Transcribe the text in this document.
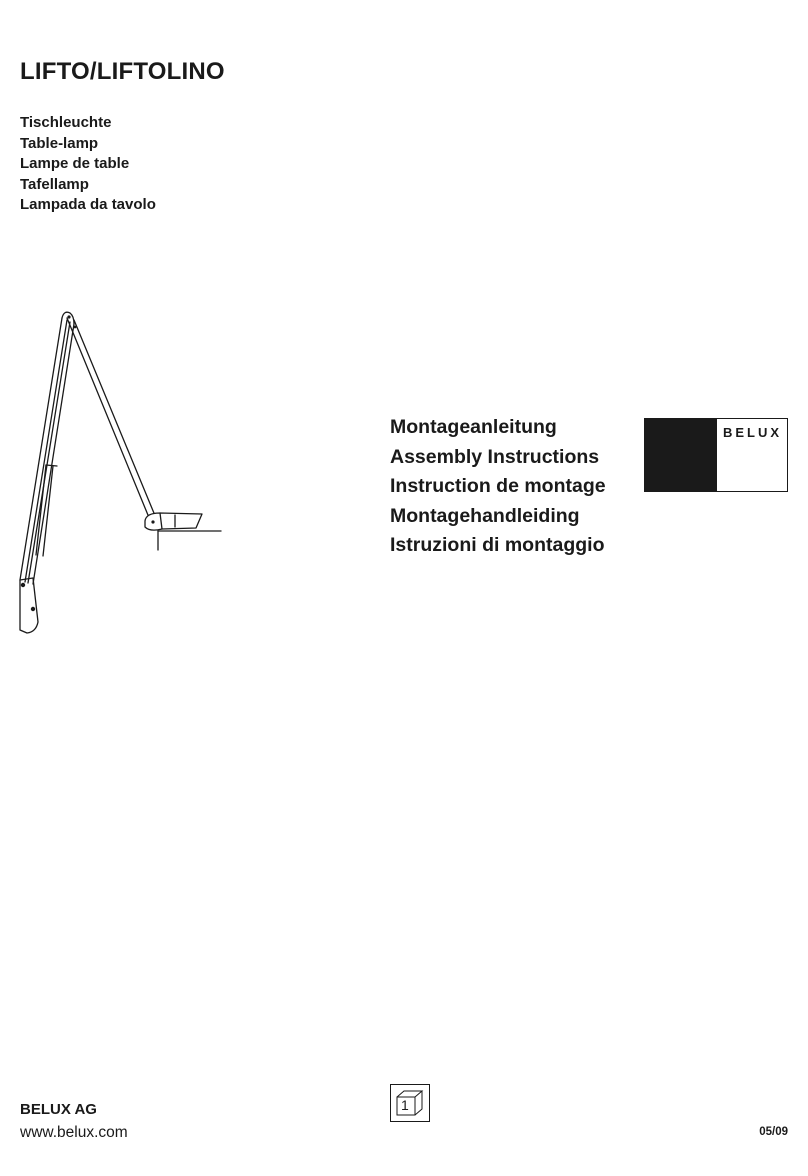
LIFTO/LIFTOLINO
Tischleuchte
Table-lamp
Lampe de table
Tafellamp
Lampada da tavolo
Montageanleitung
Assembly Instructions
Instruction de montage
Montagehandleiding
Istruzioni di montaggio
BELUX

BELUX AG

www.belux.com

1

05/09
